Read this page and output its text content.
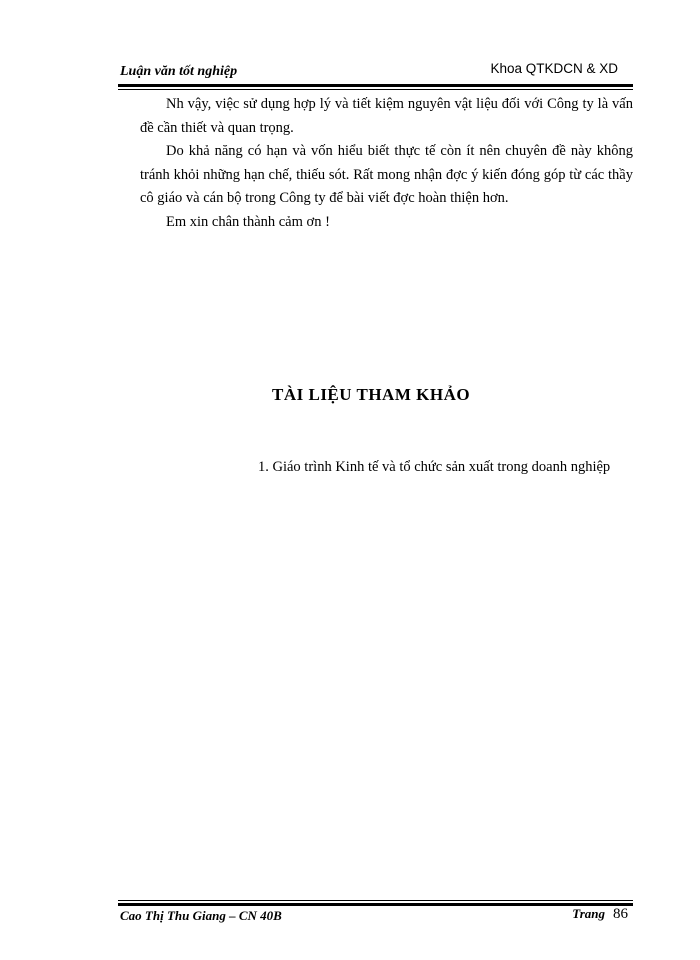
Luận văn tốt nghiệp	Khoa QTKDCN & XD

Nh vậy, việc sử dụng hợp lý và tiết kiệm nguyên vật liệu đối với Công ty là vấn đề cần thiết và quan trọng.

Do khả năng có hạn và vốn hiểu biết thực tế còn ít nên chuyên đề này không tránh khỏi những hạn chế, thiếu sót. Rất mong nhận đợc ý kiến đóng góp từ các thầy cô giáo và cán bộ trong Công ty để bài viết đợc hoàn thiện hơn.

Em xin chân thành cảm ơn !

TÀI LIỆU THAM KHẢO

1. Giáo trình Kinh tế và tổ chức sản xuất trong doanh nghiệp

Cao Thị Thu Giang – CN 40B	Trang 86
